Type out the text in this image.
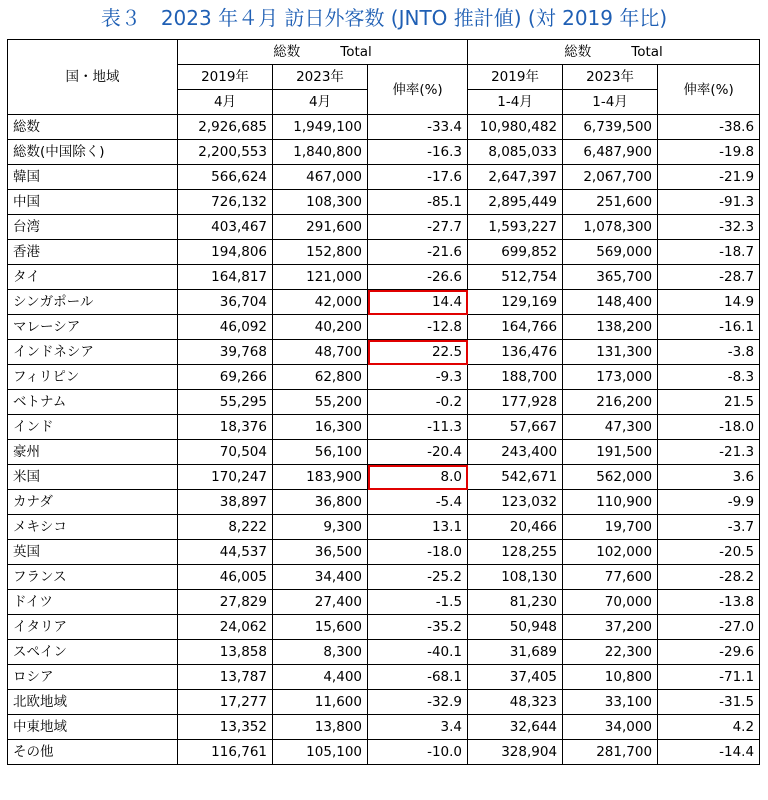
表３　2023 年４月 訪日外客数 (JNTO 推計値) (対 2019 年比)
国・地域	総数 Total			総数 Total		
	2019年	2023年	伸率(%)	2019年	2023年	伸率(%)
	4月	4月		1-4月	1-4月	
総数	2,926,685	1,949,100	-33.4	10,980,482	6,739,500	-38.6
総数(中国除く)	2,200,553	1,840,800	-16.3	8,085,033	6,487,900	-19.8
韓国	566,624	467,000	-17.6	2,647,397	2,067,700	-21.9
中国	726,132	108,300	-85.1	2,895,449	251,600	-91.3
台湾	403,467	291,600	-27.7	1,593,227	1,078,300	-32.3
香港	194,806	152,800	-21.6	699,852	569,000	-18.7
タイ	164,817	121,000	-26.6	512,754	365,700	-28.7
シンガポール	36,704	42,000	14.4	129,169	148,400	14.9
マレーシア	46,092	40,200	-12.8	164,766	138,200	-16.1
インドネシア	39,768	48,700	22.5	136,476	131,300	-3.8
フィリピン	69,266	62,800	-9.3	188,700	173,000	-8.3
ベトナム	55,295	55,200	-0.2	177,928	216,200	21.5
インド	18,376	16,300	-11.3	57,667	47,300	-18.0
豪州	70,504	56,100	-20.4	243,400	191,500	-21.3
米国	170,247	183,900	8.0	542,671	562,000	3.6
カナダ	38,897	36,800	-5.4	123,032	110,900	-9.9
メキシコ	8,222	9,300	13.1	20,466	19,700	-3.7
英国	44,537	36,500	-18.0	128,255	102,000	-20.5
フランス	46,005	34,400	-25.2	108,130	77,600	-28.2
ドイツ	27,829	27,400	-1.5	81,230	70,000	-13.8
イタリア	24,062	15,600	-35.2	50,948	37,200	-27.0
スペイン	13,858	8,300	-40.1	31,689	22,300	-29.6
ロシア	13,787	4,400	-68.1	37,405	10,800	-71.1
北欧地域	17,277	11,600	-32.9	48,323	33,100	-31.5
中東地域	13,352	13,800	3.4	32,644	34,000	4.2
その他	116,761	105,100	-10.0	328,904	281,700	-14.4
